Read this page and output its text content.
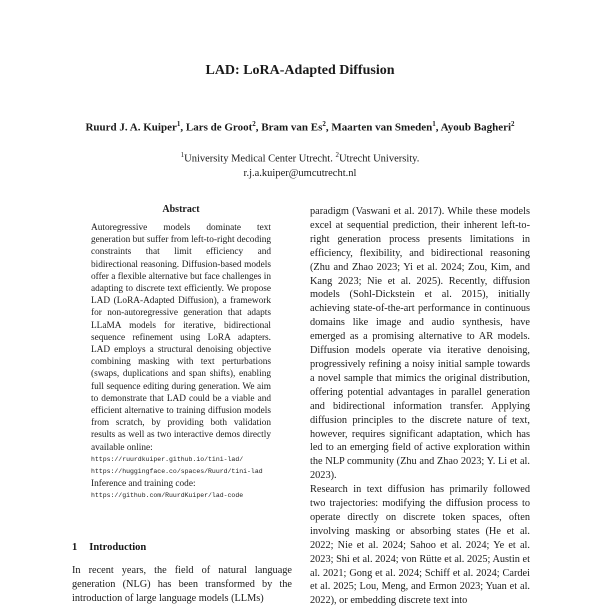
LAD: LoRA-Adapted Diffusion
Ruurd J. A. Kuiper$^1$, Lars de Groot$^2$, Bram van Es$^2$, Maarten van Smeden$^1$, Ayoub Bagheri$^2$
$^1$University Medical Center Utrecht. $^2$Utrecht University.
r.j.a.kuiper@umcutrecht.nl
Abstract
Autoregressive models dominate text generation but suffer from left-to-right decoding constraints that limit efficiency and bidirectional reasoning. Diffusion-based models offer a flexible alternative but face challenges in adapting to discrete text efficiently. We propose LAD (LoRA-Adapted Diffusion), a framework for non-autoregressive generation that adapts LLaMA models for iterative, bidirectional sequence refinement using LoRA adapters. LAD employs a structural denoising objective combining masking with text perturbations (swaps, duplications and span shifts), enabling full sequence editing during generation. We aim to demonstrate that LAD could be a viable and efficient alternative to training diffusion models from scratch, by providing both validation results as well as two interactive demos directly available online:
https://ruurdkuiper.github.io/tini-lad/
https://huggingface.co/spaces/Ruurd/tini-lad
Inference and training code:
https://github.com/RuurdKuiper/lad-code
1 Introduction
In recent years, the field of natural language generation (NLG) has been transformed by the introduction of large language models (LLMs)

paradigm (Vaswani et al. 2017). While these models excel at sequential prediction, their inherent left-to-right generation process presents limitations in efficiency, flexibility, and bidirectional reasoning (Zhu and Zhao 2023; Yi et al. 2024; Zou, Kim, and Kang 2023; Nie et al. 2025). Recently, diffusion models (Sohl-Dickstein et al. 2015), initially achieving state-of-the-art performance in continuous domains like image and audio synthesis, have emerged as a promising alternative to AR models. Diffusion models operate via iterative denoising, progressively refining a noisy initial sample towards a novel sample that mimics the original distribution, offering potential advantages in parallel generation and bidirectional information transfer. Applying diffusion principles to the discrete nature of text, however, requires significant adaptation, which has led to an emerging field of active exploration within the NLP community (Zhu and Zhao 2023; Y. Li et al. 2023).

Research in text diffusion has primarily followed two trajectories: modifying the diffusion process to operate directly on discrete token spaces, often involving masking or absorbing states (He et al. 2022; Nie et al. 2024; Sahoo et al. 2024; Ye et al. 2023; Shi et al. 2024; von Rütte et al. 2025; Austin et al. 2021; Gong et al. 2024; Schiff et al. 2024; Cardei et al. 2025; Lou, Meng, and Ermon 2023; Yuan et al. 2022), or embedding discrete text into
